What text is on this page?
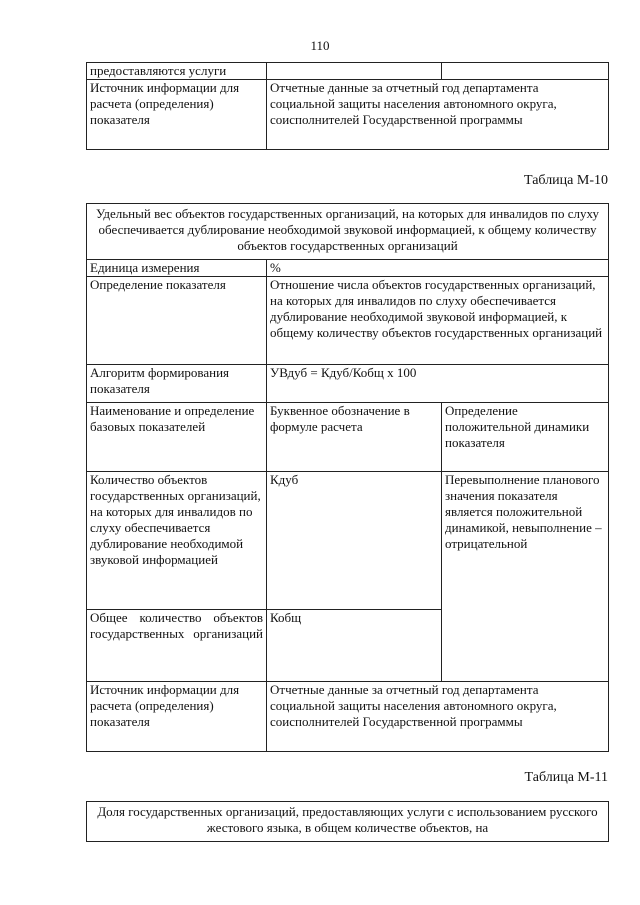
110
предоставляются услуги		
Источник информации для расчета (определения) показателя	Отчетные данные за отчетный год департамента социальной защиты населения автономного округа, соисполнителей Государственной программы	
Таблица М-10
Удельный вес объектов государственных организаций, на которых для инвалидов по слуху обеспечивается дублирование необходимой звуковой информацией, к общему количеству объектов государственных организаций		
Единица измерения	%	
Определение показателя	Отношение числа объектов государственных организаций, на которых для инвалидов по слуху обеспечивается дублирование необходимой звуковой информацией, к общему количеству объектов государственных организаций	
Алгоритм формирования показателя	УВдуб = Кдуб/Кобщ x 100	
Наименование и определение базовых показателей	Буквенное обозначение в формуле расчета	Определение положительной динамики показателя
Количество объектов государственных организаций, на которых для инвалидов по слуху обеспечивается дублирование необходимой звуковой информацией	Кдуб	Перевыполнение планового значения показателя является положительной динамикой, невыполнение – отрицательной
Общее количество объектов государственных организаций	Кобщ	
Источник информации для расчета (определения) показателя	Отчетные данные за отчетный год департамента социальной защиты населения автономного округа, соисполнителей Государственной программы	
Таблица М-11
Доля государственных организаций, предоставляющих услуги с использованием русского жестового языка, в общем количестве объектов, на
